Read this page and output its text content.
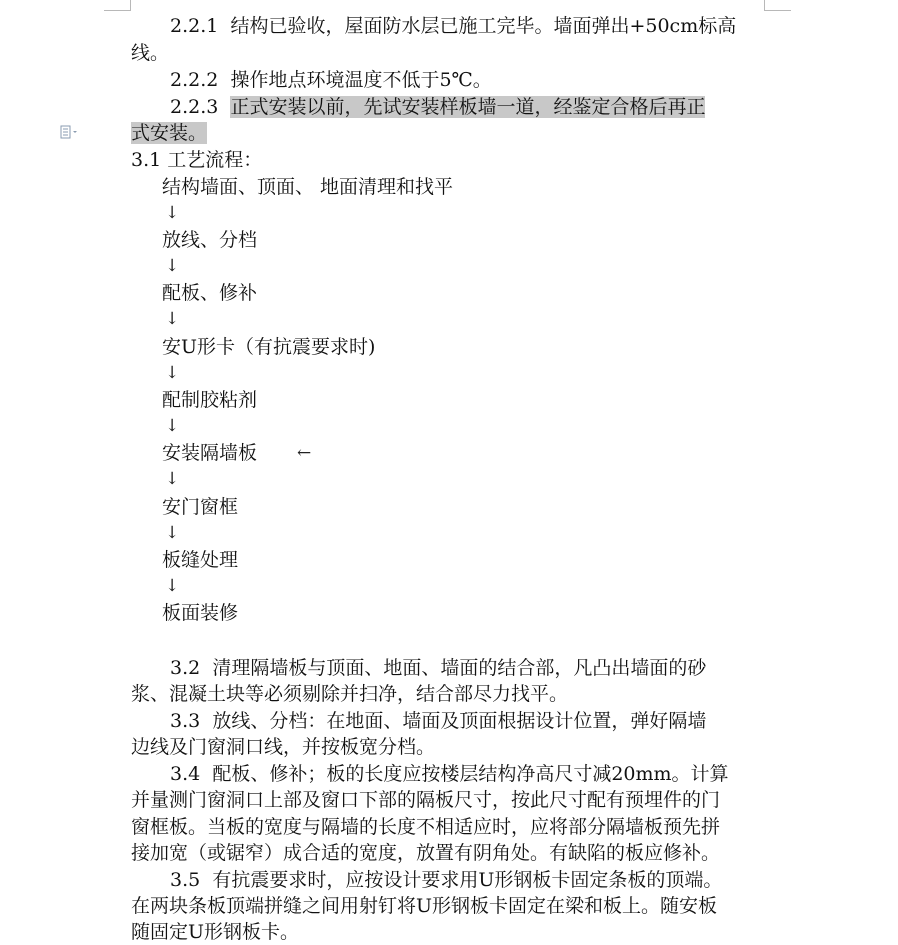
2.2.1 结构已验收，屋面防水层已施工完毕。墙面弹出+50cm标高
线。
2.2.2 操作地点环境温度不低于5℃。
2.2.3 正式安装以前，先试安装样板墙一道，经鉴定合格后再正
式安装。
3.1 工艺流程：
结构墙面、顶面、 地面清理和找平
↓
放线、分档
↓
配板、修补
↓
安U形卡（有抗震要求时)
↓
配制胶粘剂
↓
安装隔墙板 ←
↓
安门窗框
↓
板缝处理
↓
板面装修
3.2 清理隔墙板与顶面、地面、墙面的结合部，凡凸出墙面的砂
浆、混凝土块等必须剔除并扫净，结合部尽力找平。
3.3 放线、分档：在地面、墙面及顶面根据设计位置，弹好隔墙
边线及门窗洞口线，并按板宽分档。
3.4 配板、修补；板的长度应按楼层结构净高尺寸减20mm。计算
并量测门窗洞口上部及窗口下部的隔板尺寸，按此尺寸配有预埋件的门
窗框板。当板的宽度与隔墙的长度不相适应时，应将部分隔墙板预先拼
接加宽（或锯窄）成合适的宽度，放置有阴角处。有缺陷的板应修补。
3.5 有抗震要求时，应按设计要求用U形钢板卡固定条板的顶端。
在两块条板顶端拼缝之间用射钉将U形钢板卡固定在梁和板上。随安板
随固定U形钢板卡。
